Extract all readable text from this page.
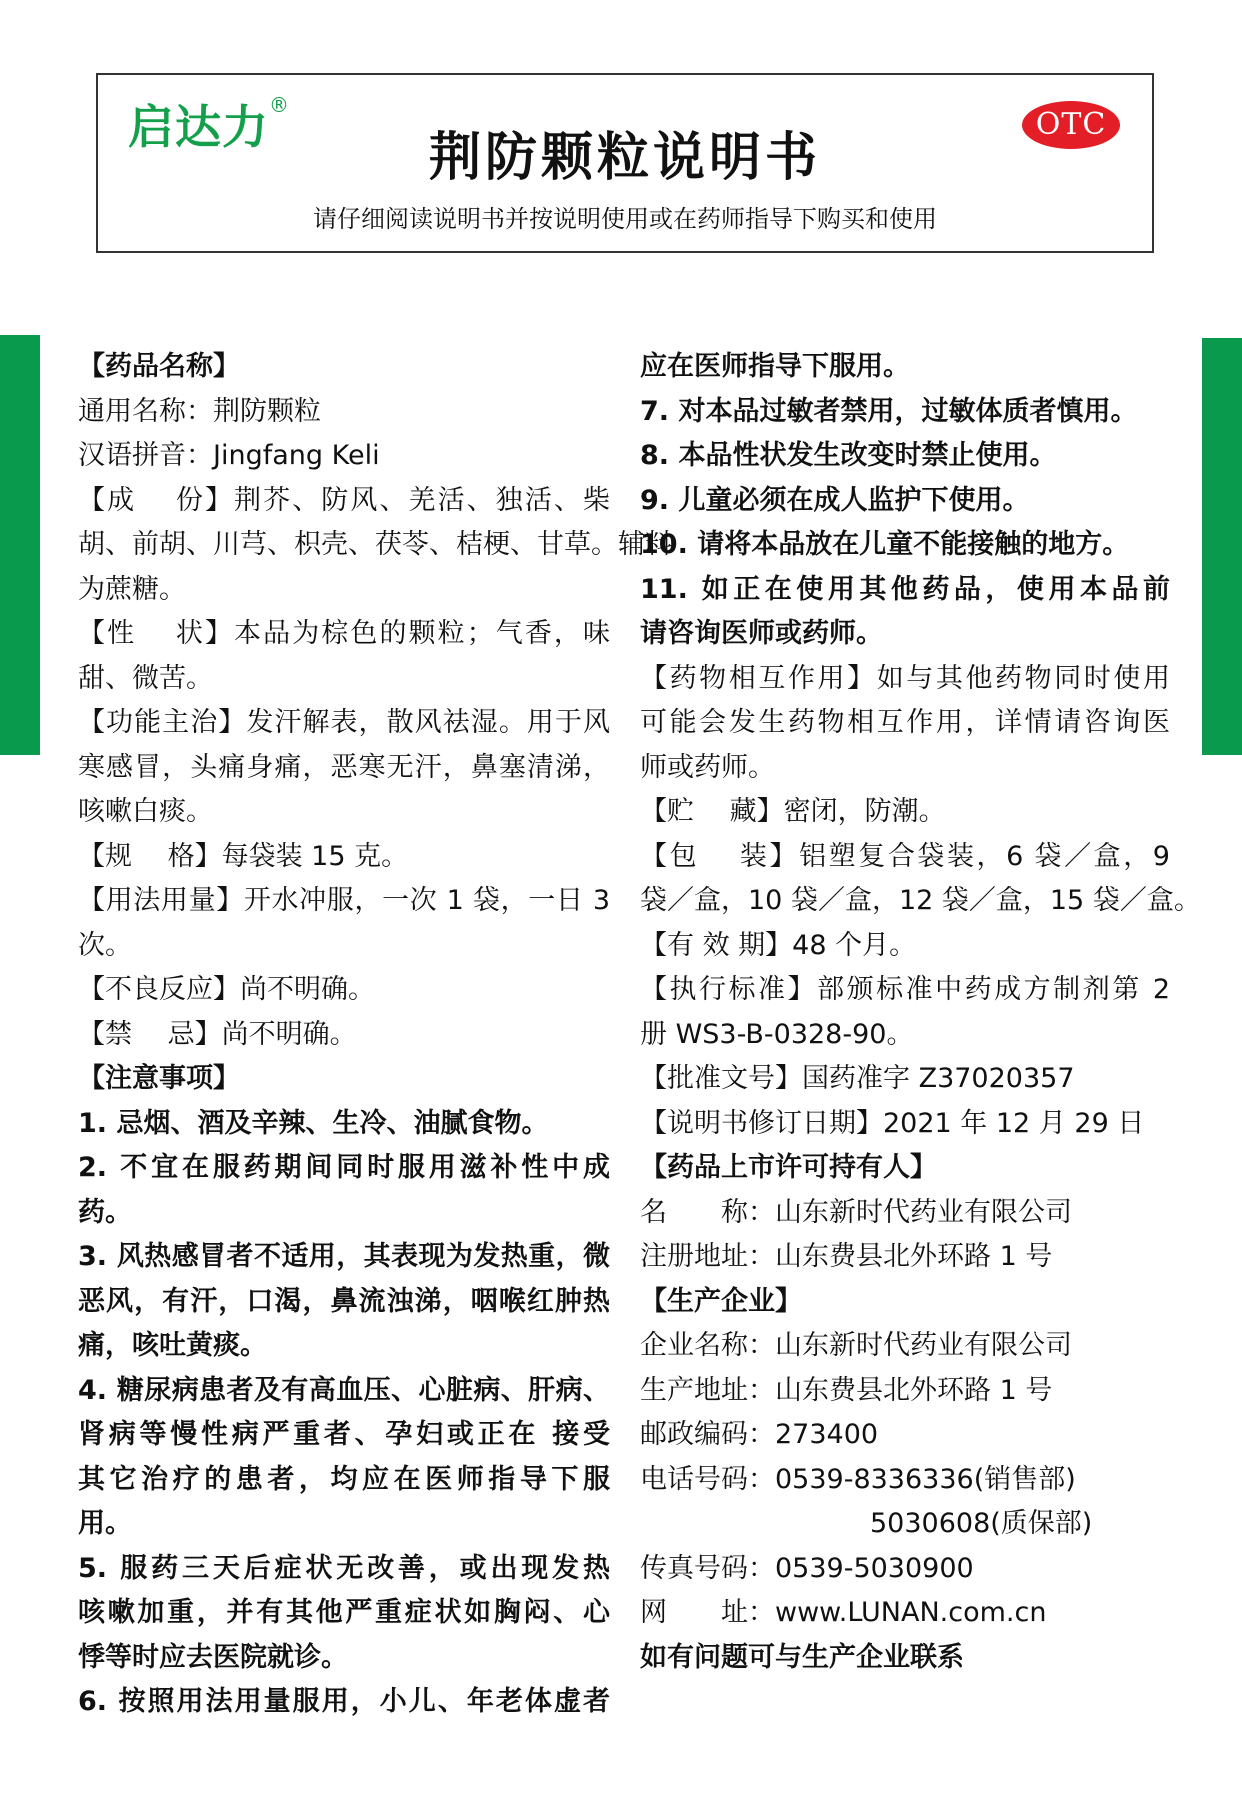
启达力®
荆防颗粒说明书
OTC
请仔细阅读说明书并按说明使用或在药师指导下购买和使用
【药品名称】
通用名称：荆防颗粒
汉语拼音：Jingfang Keli
【成　 份】荆芥、防风、羌活、独活、柴
胡、前胡、川芎、枳壳、茯苓、桔梗、甘草。辅料
为蔗糖。
【性　 状】本品为棕色的颗粒；气香，味
甜、微苦。
【功能主治】发汗解表，散风祛湿。用于风
寒感冒，头痛身痛，恶寒无汗，鼻塞清涕，
咳嗽白痰。
【规　 格】每袋装 15 克。
【用法用量】开水冲服，一次 1 袋，一日 3
次。
【不良反应】尚不明确。
【禁　 忌】尚不明确。
【注意事项】
1. 忌烟、酒及辛辣、生冷、油腻食物。
2. 不宜在服药期间同时服用滋补性中成
药。
3. 风热感冒者不适用，其表现为发热重，微
恶风，有汗，口渴，鼻流浊涕，咽喉红肿热
痛，咳吐黄痰。
4. 糖尿病患者及有高血压、心脏病、肝病、
肾病等慢性病严重者、孕妇或正在 接受
其它治疗的患者，均应在医师指导下服
用。
5. 服药三天后症状无改善，或出现发热
咳嗽加重，并有其他严重症状如胸闷、心
悸等时应去医院就诊。
6. 按照用法用量服用，小儿、年老体虚者
应在医师指导下服用。
7. 对本品过敏者禁用，过敏体质者慎用。
8. 本品性状发生改变时禁止使用。
9. 儿童必须在成人监护下使用。
10. 请将本品放在儿童不能接触的地方。
11. 如正在使用其他药品，使用本品前
请咨询医师或药师。
【药物相互作用】如与其他药物同时使用
可能会发生药物相互作用，详情请咨询医
师或药师。
【贮　 藏】密闭，防潮。
【包　 装】铝塑复合袋装，6 袋／盒，9
袋／盒，10 袋／盒，12 袋／盒，15 袋／盒。
【有 效 期】48 个月。
【执行标准】部颁标准中药成方制剂第 2
册 WS3-B-0328-90。
【批准文号】国药准字 Z37020357
【说明书修订日期】2021 年 12 月 29 日
【药品上市许可持有人】
名　　称：山东新时代药业有限公司
注册地址：山东费县北外环路 1 号
【生产企业】
企业名称：山东新时代药业有限公司
生产地址：山东费县北外环路 1 号
邮政编码：273400
电话号码：0539-8336336(销售部)
5030608(质保部)
传真号码：0539-5030900
网　　址：www.LUNAN.com.cn
如有问题可与生产企业联系
